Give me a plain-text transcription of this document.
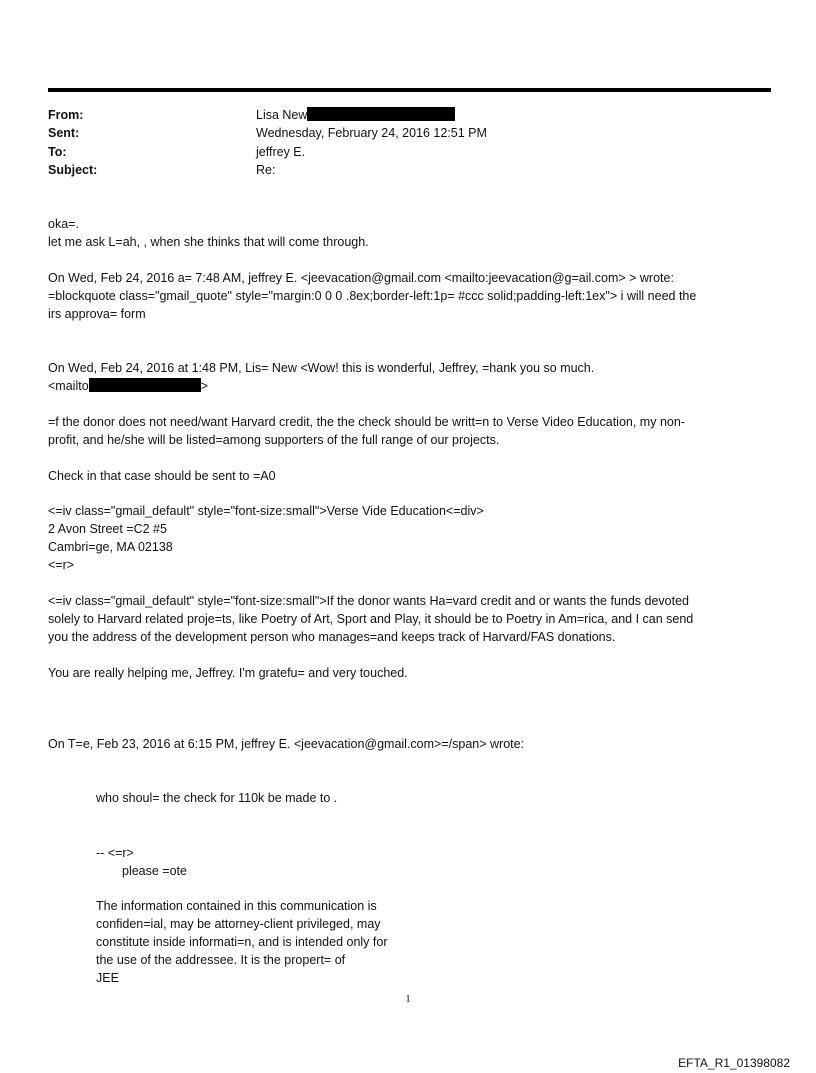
From:	Lisa New
Sent:	Wednesday, February 24, 2016 12:51 PM
To:	jeffrey E.
Subject:	Re:
oka=.
let me ask L=ah, , when she thinks that will come through.
On Wed, Feb 24, 2016 a= 7:48 AM, jeffrey E. <jeevacation@gmail.com <mailto:jeevacation@g=ail.com> > wrote:
=blockquote class="gmail_quote" style="margin:0 0 0 .8ex;border-left:1p= #ccc solid;padding-left:1ex"> i will need the
irs approva= form
On Wed, Feb 24, 2016 at 1:48 PM, Lis= New <Wow! this is wonderful, Jeffrey, =hank you so much.
<mailto	>
=f the donor does not need/want Harvard credit, the the check should be writt=n to Verse Video Education, my non-
profit, and he/she will be listed=among supporters of the full range of our projects.
Check in that case should be sent to =A0
<=iv class="gmail_default" style="font-size:small">Verse Vide Education<=div>
2 Avon Street =C2 #5
Cambri=ge, MA 02138
<=r>
<=iv class="gmail_default" style="font-size:small">If the donor wants Ha=vard credit and or wants the funds devoted
solely to Harvard related proje=ts, like Poetry of Art, Sport and Play, it should be to Poetry in Am=rica, and I can send
you the address of the development person who manages=and keeps track of Harvard/FAS donations.
You are really helping me, Jeffrey. I'm gratefu= and very touched.
On T=e, Feb 23, 2016 at 6:15 PM, jeffrey E. <jeevacation@gmail.com>=/span> wrote:
who shoul= the check for 110k be made to .
-- <=r>
please =ote
The information contained in this communication is
confiden=ial, may be attorney-client privileged, may
constitute inside informati=n, and is intended only for
the use of the addressee. It is the propert= of
JEE
1
EFTA_R1_01398082
